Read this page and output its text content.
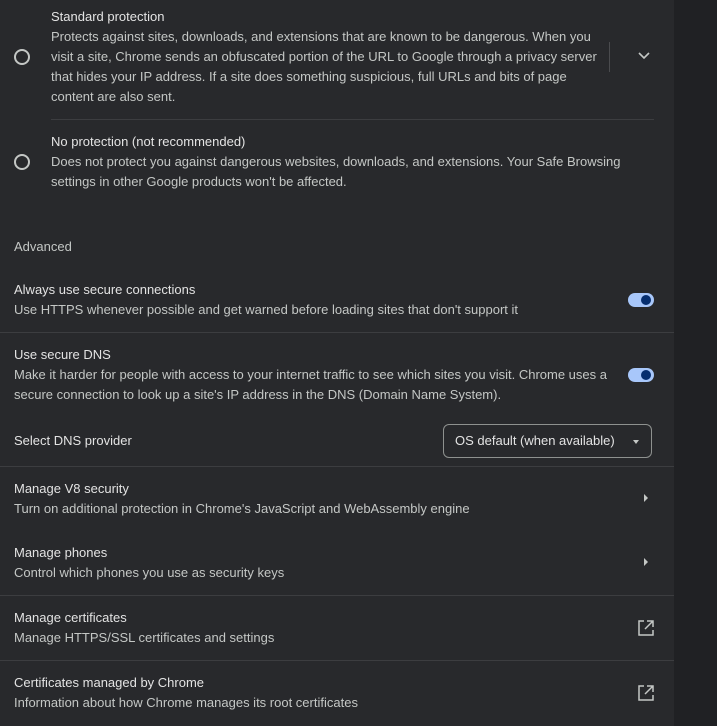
Standard protection
Protects against sites, downloads, and extensions that are known to be dangerous. When you
visit a site, Chrome sends an obfuscated portion of the URL to Google through a privacy server
that hides your IP address. If a site does something suspicious, full URLs and bits of page
content are also sent.
No protection (not recommended)
Does not protect you against dangerous websites, downloads, and extensions. Your Safe Browsing
settings in other Google products won't be affected.
Advanced
Always use secure connections
Use HTTPS whenever possible and get warned before loading sites that don't support it
Use secure DNS
Make it harder for people with access to your internet traffic to see which sites you visit. Chrome uses a
secure connection to look up a site's IP address in the DNS (Domain Name System).
Select DNS provider	OS default (when available)
Manage V8 security
Turn on additional protection in Chrome's JavaScript and WebAssembly engine
Manage phones
Control which phones you use as security keys
Manage certificates
Manage HTTPS/SSL certificates and settings
Certificates managed by Chrome
Information about how Chrome manages its root certificates
